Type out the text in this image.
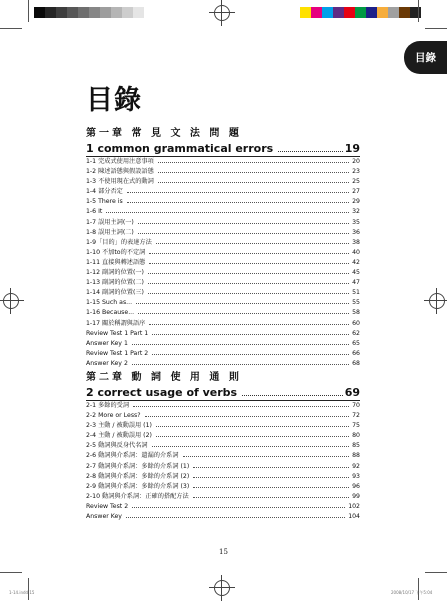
目錄
目錄
第一章 常 見 文 法 問 題
1 common grammatical errors	19
1-1 完成式使用注意事項	20
1-2 陳述語態與假設語態	23
1-3 不使用現在式的動詞	25
1-4 部分否定	27
1-5 There is	29
1-6 It	32
1-7 誤用主詞(一)	35
1-8 誤用主詞(二)	36
1-9「目的」的表達方法	38
1-10 不加to的不定詞	40
1-11 直接與轉述語態	42
1-12 副詞的位置(一)	45
1-13 副詞的位置(二)	47
1-14 副詞的位置(三)	51
1-15 Such as...	55
1-16 Because...	58
1-17 關於稱謂與語序	60
Review Test 1 Part 1	62
Answer Key 1	65
Review Test 1 Part 2	66
Answer Key 2	68
第二章 動 詞 使 用 通 則
2 correct usage of verbs	69
2-1 多餘的受詞	70
2-2 More or Less?	72
2-3 主動 / 被動誤用 (1)	75
2-4 主動 / 被動誤用 (2)	80
2-5 動詞與反身代名詞	85
2-6 動詞與介系詞：遺漏的介系詞	88
2-7 動詞與介系詞：多餘的介系詞 (1)	92
2-8 動詞與介系詞：多餘的介系詞 (2)	93
2-9 動詞與介系詞：多餘的介系詞 (3)	96
2-10 動詞與介系詞：正確的搭配方法	99
Review Test 2	102
Answer Key	104
15
1-14.indd 15	2008/10/17 下午5:04
